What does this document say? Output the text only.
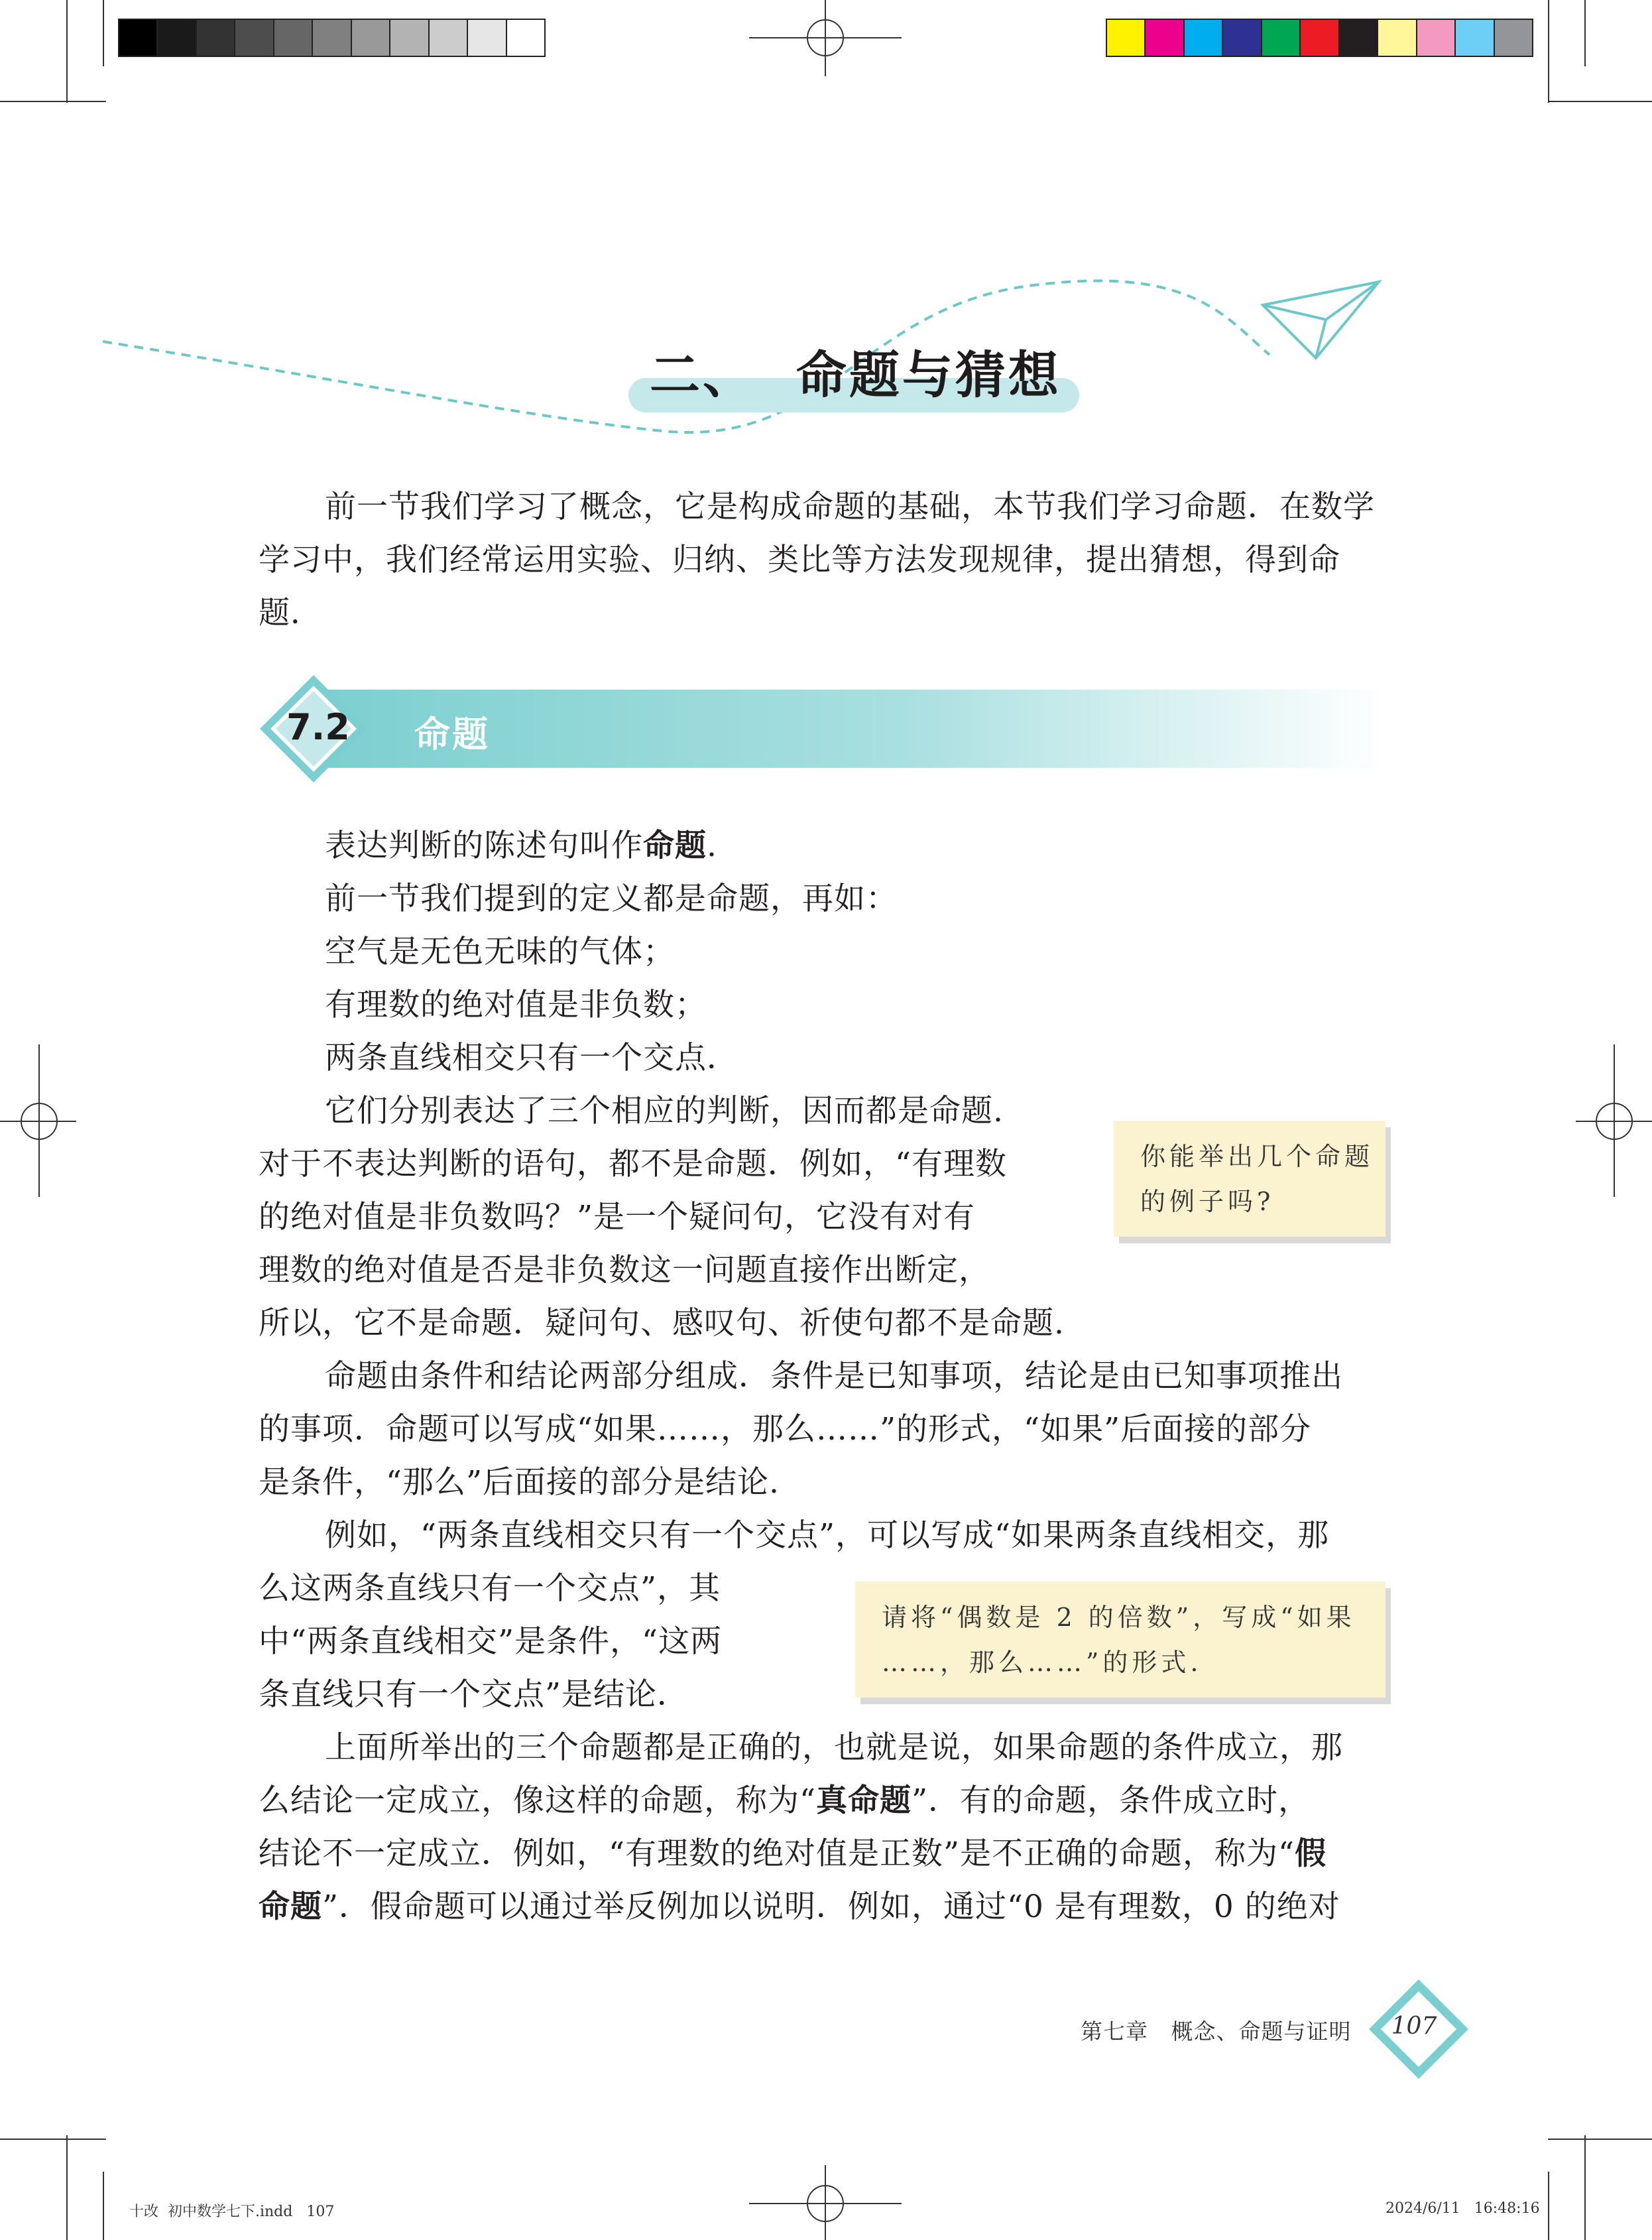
二、  命题与猜想
前一节我们学习了概念，它是构成命题的基础，本节我们学习命题．在数学学习中，我们经常运用实验、归纳、类比等方法发现规律，提出猜想，得到命题．
7.2 命题
表达判断的陈述句叫作命题.
前一节我们提到的定义都是命题，再如：
空气是无色无味的气体；
有理数的绝对值是非负数；
两条直线相交只有一个交点．
它们分别表达了三个相应的判断，因而都是命题.
对于不表达判断的语句，都不是命题．例如，“有理数
的绝对值是非负数吗？”是一个疑问句，它没有对有
理数的绝对值是否是非负数这一问题直接作出断定，
所以，它不是命题．疑问句、感叹句、祈使句都不是命题.
命题由条件和结论两部分组成．条件是已知事项，结论是由已知事项推出
的事项．命题可以写成“如果……，那么……”的形式，“如果”后面接的部分
是条件，“那么”后面接的部分是结论.
例如，“两条直线相交只有一个交点”，可以写成“如果两条直线相交，那
么这两条直线只有一个交点”，其
中“两条直线相交”是条件，“这两
条直线只有一个交点”是结论．
上面所举出的三个命题都是正确的，也就是说，如果命题的条件成立，那
么结论一定成立，像这样的命题，称为“真命题”．有的命题，条件成立时，
结论不一定成立．例如，“有理数的绝对值是正数”是不正确的命题，称为“假
命题”．假命题可以通过举反例加以说明．例如，通过“0 是有理数，0 的绝对
你能举出几个命题
的例子吗?
请将“偶数是 2 的倍数”，写成“如果
……，那么……”的形式.
第七章   概念、命题与证明	107
十改  初中数学七下.indd   107	2024/6/11   16:48:16
